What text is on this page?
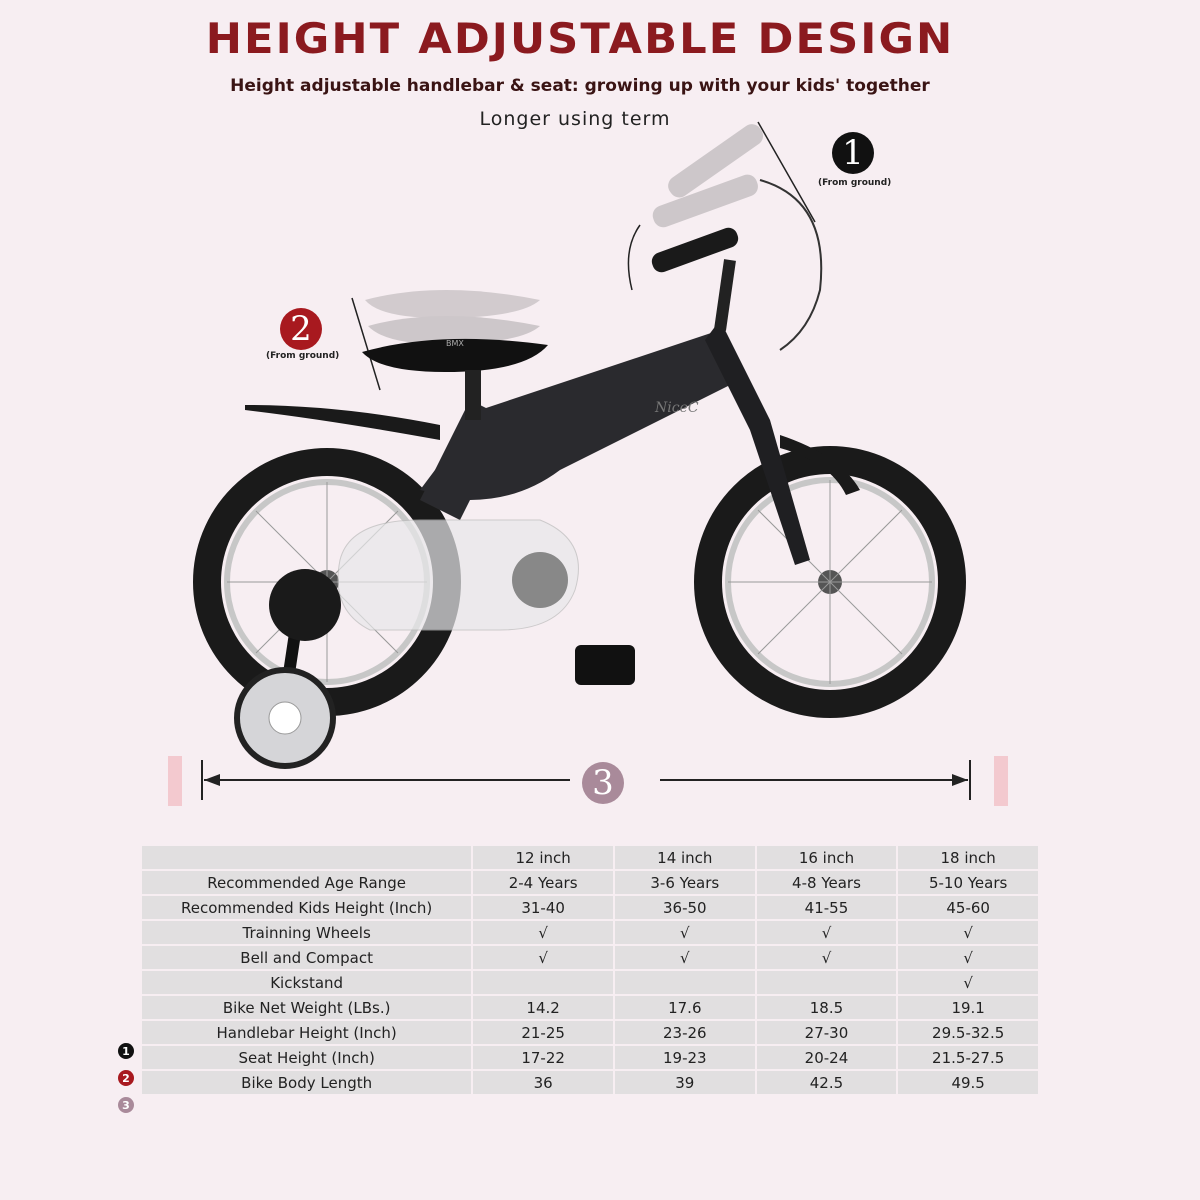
HEIGHT ADJUSTABLE DESIGN
Height adjustable handlebar & seat: growing up with your kids' together
Longer using term
NiceC
BMX
1
(From ground)
2
(From ground)
3
	12 inch	14 inch	16 inch	18 inch
Recommended Age Range	2-4 Years	3-6 Years	4-8 Years	5-10 Years
Recommended Kids Height (Inch)	31-40	36-50	41-55	45-60
Trainning Wheels	√	√	√	√
Bell and Compact	√	√	√	√
Kickstand				√
Bike Net Weight (LBs.)	14.2	17.6	18.5	19.1
Handlebar Height (Inch)	21-25	23-26	27-30	29.5-32.5
Seat Height (Inch)	17-22	19-23	20-24	21.5-27.5
Bike Body Length	36	39	42.5	49.5
1
2
3
